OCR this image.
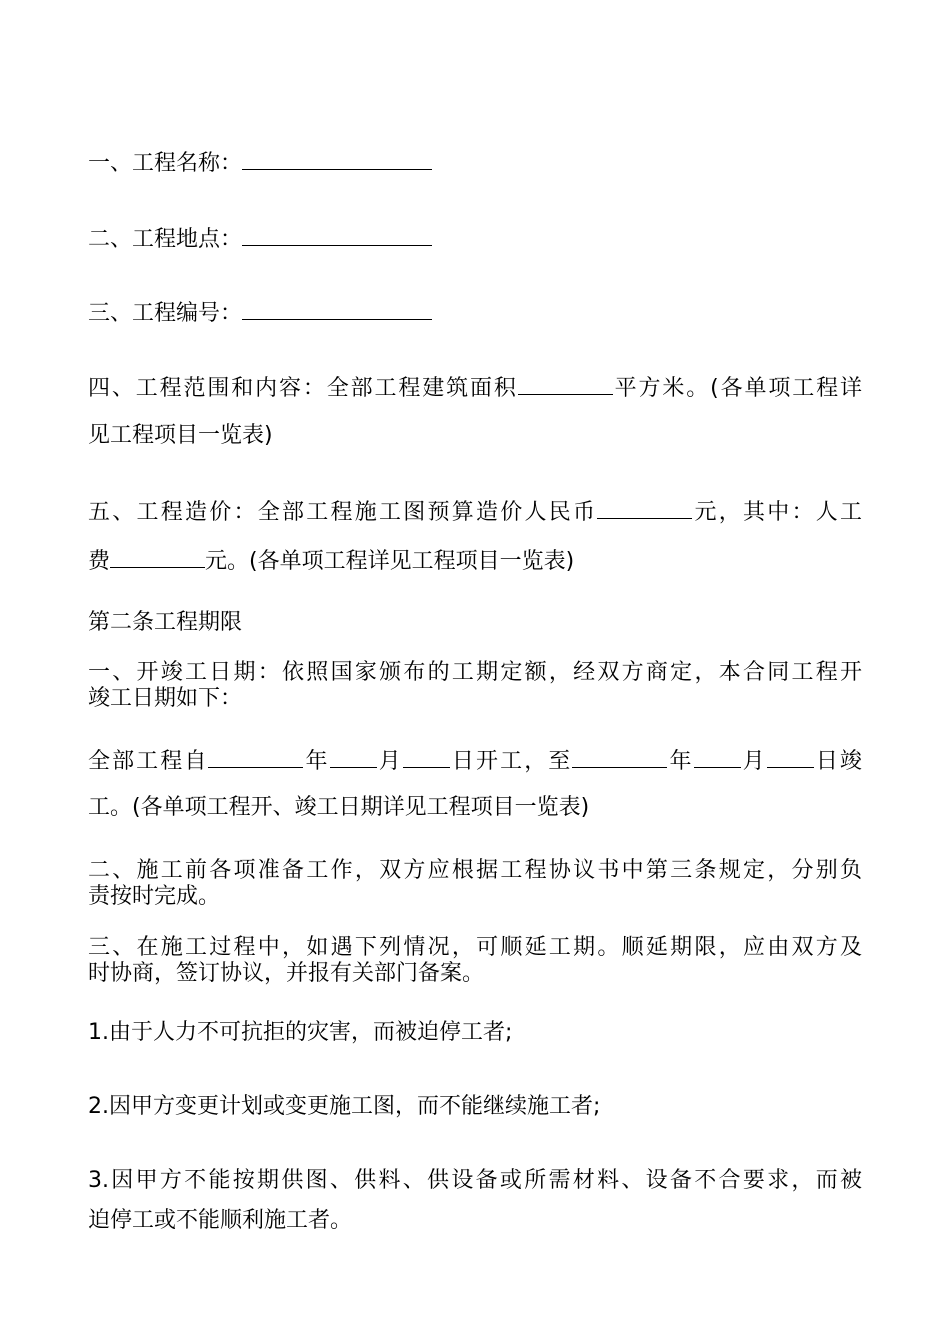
一、工程名称：
二、工程地点：
三、工程编号：
四、工程范围和内容：全部工程建筑面积	平方米。(各单项工程详
见工程项目一览表)
五、工程造价：全部工程施工图预算造价人民币	元，其中：人工
费	元。(各单项工程详见工程项目一览表)
第二条工程期限
一、开竣工日期：依照国家颁布的工期定额，经双方商定，本合同工程开
竣工日期如下：
全部工程自	年 月 日开工，至	年 月 日竣
工。(各单项工程开、竣工日期详见工程项目一览表)
二、施工前各项准备工作，双方应根据工程协议书中第三条规定，分别负
责按时完成。
三、在施工过程中，如遇下列情况，可顺延工期。顺延期限，应由双方及
时协商，签订协议，并报有关部门备案。
1.由于人力不可抗拒的灾害，而被迫停工者;
2.因甲方变更计划或变更施工图，而不能继续施工者;
3.因甲方不能按期供图、供料、供设备或所需材料、设备不合要求，而被
迫停工或不能顺利施工者。
